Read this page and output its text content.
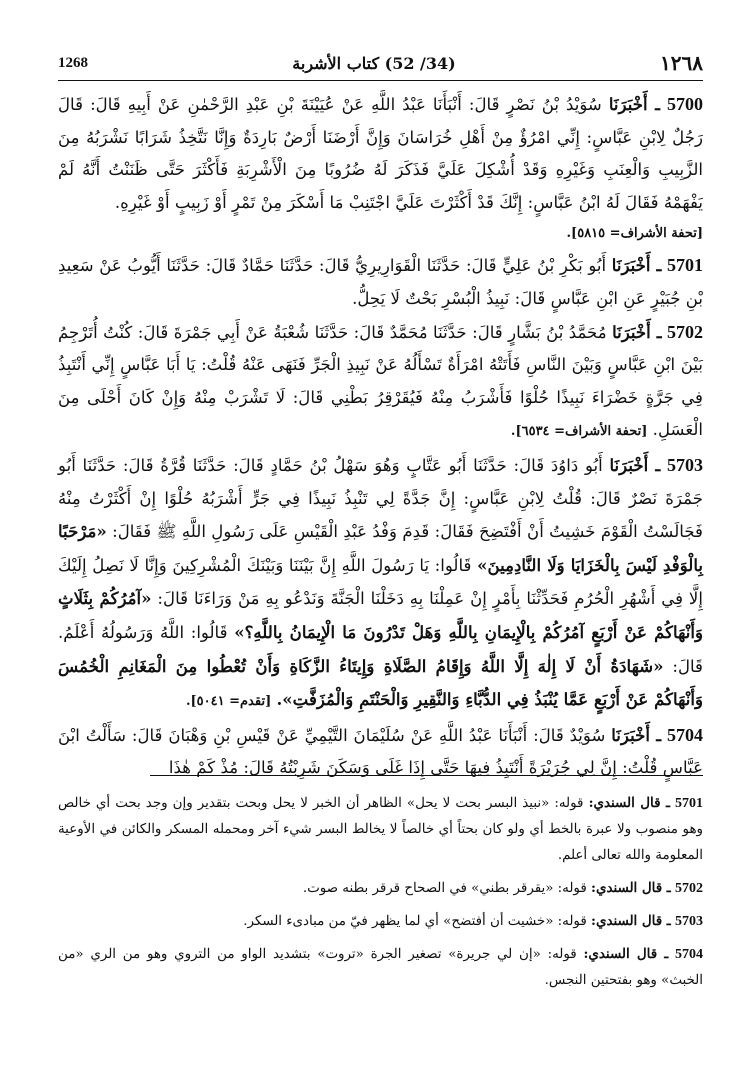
1268	(34/ 52) كتاب الأشربة	١٢٦٨

5700 ـ أَخْبَرَنَا سُوَيْدُ بْنُ نَصْرٍ قَالَ: أَنْبَأَنَا عَبْدُ اللَّهِ عَنْ عُيَيْنَةَ بْنِ عَبْدِ الرَّحْمٰنِ عَنْ أَبِيهِ قَالَ: قَالَ رَجُلٌ لِابْنِ عَبَّاسٍ: إِنِّي امْرُؤٌ مِنْ أَهْلِ خُرَاسَانَ وَإِنَّ أَرْضَنَا أَرْضٌ بَارِدَةٌ وَإِنَّا نَتَّخِذُ شَرَابًا نَشْرَبُهُ مِنَ الزَّبِيبِ وَالْعِنَبِ وَغَيْرِهِ وَقَدْ أُشْكِلَ عَلَيَّ فَذَكَرَ لَهُ ضُرُوبًا مِنَ الْأَشْرِبَةِ فَأَكْثَرَ حَتَّى ظَنَنْتُ أَنَّهُ لَمْ يَفْهَمْهُ فَقَالَ لَهُ ابْنُ عَبَّاسٍ: إِنَّكَ قَدْ أَكْثَرْتَ عَلَيَّ اجْتَنِبْ مَا أَسْكَرَ مِنْ تَمْرٍ أَوْ زَبِيبٍ أَوْ غَيْرِهِ.
[تحفة الأشراف= ٥٨١٥].

5701 ـ أَخْبَرَنَا أَبُو بَكْرِ بْنُ عَلِيٍّ قَالَ: حَدَّثَنَا الْقَوَارِيرِيُّ قَالَ: حَدَّثَنَا حَمَّادٌ قَالَ: حَدَّثَنَا أَيُّوبُ عَنْ سَعِيدِ بْنِ جُبَيْرٍ عَنِ ابْنِ عَبَّاسٍ قَالَ: نَبِيذُ الْبُسْرِ بَحْتٌ لَا يَحِلُّ.

5702 ـ أَخْبَرَنَا مُحَمَّدُ بْنُ بَشَّارٍ قَالَ: حَدَّثَنَا مُحَمَّدٌ قَالَ: حَدَّثَنَا شُعْبَةُ عَنْ أَبِي جَمْرَةَ قَالَ: كُنْتُ أُتَرْجِمُ بَيْنَ ابْنِ عَبَّاسٍ وَبَيْنَ النَّاسِ فَأَتَتْهُ امْرَأَةٌ تَسْأَلُهُ عَنْ نَبِيذِ الْجَرِّ فَنَهَى عَنْهُ قُلْتُ: يَا أَبَا عَبَّاسٍ إِنِّي أَنْتَبِذُ فِي جَرَّةٍ خَضْرَاءَ نَبِيذًا حُلْوًا فَأَشْرَبُ مِنْهُ فَيُقَرْقِرُ بَطْنِي قَالَ: لَا تَشْرَبْ مِنْهُ وَإِنْ كَانَ أَحْلَى مِنَ الْعَسَلِ. [تحفة الأشراف= ٦٥٣٤].

5703 ـ أَخْبَرَنَا أَبُو دَاوُدَ قَالَ: حَدَّثَنَا أَبُو عَتَّابٍ وَهُوَ سَهْلُ بْنُ حَمَّادٍ قَالَ: حَدَّثَنَا قُرَّةُ قَالَ: حَدَّثَنَا أَبُو جَمْرَةَ نَصْرٌ قَالَ: قُلْتُ لِابْنِ عَبَّاسٍ: إِنَّ جَدَّةً لِي تَنْبِذُ نَبِيذًا فِي جَرٍّ أَشْرَبُهُ حُلْوًا إِنْ أَكْثَرْتُ مِنْهُ فَجَالَسْتُ الْقَوْمَ خَشِيتُ أَنْ أَفْتَضِحَ فَقَالَ: قَدِمَ وَفْدُ عَبْدِ الْقَيْسِ عَلَى رَسُولِ اللَّهِ ﷺ فَقَالَ: «مَرْحَبًا بِالْوَفْدِ لَيْسَ بِالْخَزَايَا وَلَا النَّادِمِينَ» قَالُوا: يَا رَسُولَ اللَّهِ إِنَّ بَيْنَنَا وَبَيْنَكَ الْمُشْرِكِينَ وَإِنَّا لَا نَصِلُ إِلَيْكَ إِلَّا فِي أَشْهُرِ الْحُرُمِ فَحَدِّثْنَا بِأَمْرٍ إِنْ عَمِلْنَا بِهِ دَخَلْنَا الْجَنَّةَ وَنَدْعُو بِهِ مَنْ وَرَاءَنَا قَالَ: «آمُرُكُمْ بِثَلَاثٍ وَأَنْهَاكُمْ عَنْ أَرْبَعٍ آمُرُكُمْ بِالْإِيمَانِ بِاللَّهِ وَهَلْ تَدْرُونَ مَا الْإِيمَانُ بِاللَّهِ؟» قَالُوا: اللَّهُ وَرَسُولُهُ أَعْلَمُ. قَالَ: «شَهَادَةُ أَنْ لَا إِلٰهَ إِلَّا اللَّهُ وَإِقَامُ الصَّلَاةِ وَإِيتَاءُ الزَّكَاةِ وَأَنْ تُعْطُوا مِنَ الْمَغَانِمِ الْخُمُسَ وَأَنْهَاكُمْ عَنْ أَرْبَعٍ عَمَّا يُنْبَذُ فِي الدُّبَّاءِ وَالنَّقِيرِ وَالْحَنْتَمِ وَالْمُزَفَّتِ». [تقدم= ٥٠٤١].

5704 ـ أَخْبَرَنَا سُوَيْدٌ قَالَ: أَنْبَأَنَا عَبْدُ اللَّهِ عَنْ سُلَيْمَانَ التَّيْمِيِّ عَنْ قَيْسِ بْنِ وَهْبَانَ قَالَ: سَأَلْتُ ابْنَ عَبَّاسٍ قُلْتُ: إِنَّ لِي جُرَيْرَةً أَنْتَبِذُ فِيهَا حَتَّى إِذَا غَلَى وَسَكَنَ شَرِبْتُهُ قَالَ: مُذْ كَمْ هٰذَا

5701 ـ قال السندي: قوله: «نبيذ البسر بحت لا يحل» الظاهر أن الخبر لا يحل وبحت بتقدير وإن وجد بحت أي خالص وهو منصوب ولا عبرة بالخط أي ولو كان بحتاً أي خالصاً لا يخالط البسر شيء آخر ومحمله المسكر والكائن في الأوعية المعلومة والله تعالى أعلم.

5702 ـ قال السندي: قوله: «يقرقر بطني» في الصحاح قرقر بطنه صوت.

5703 ـ قال السندي: قوله: «خشيت أن أفتضح» أي لما يظهر فيّ من مبادىء السكر.

5704 ـ قال السندي: قوله: «إن لي جريرة» تصغير الجرة «تروت» بتشديد الواو من التروي وهو من الري «من الخبث» وهو بفتحتين النجس.
